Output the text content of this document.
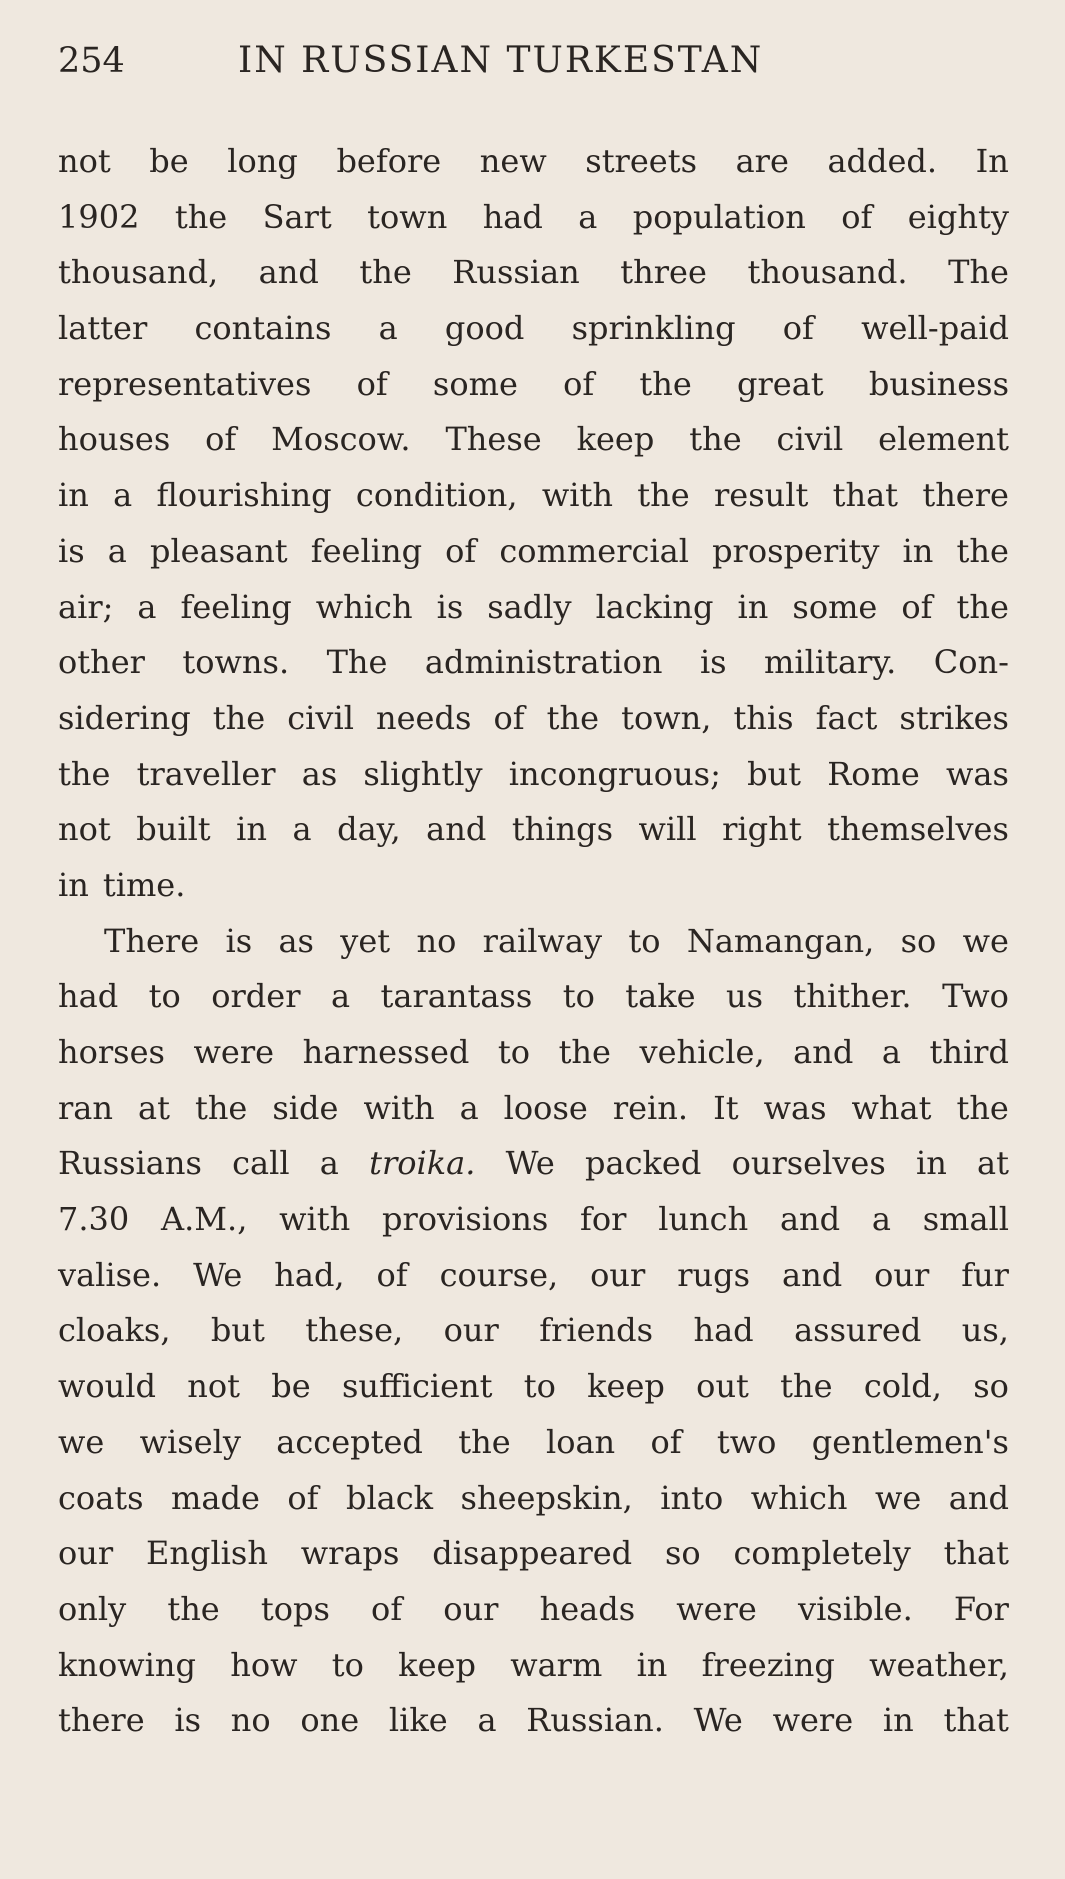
254	IN RUSSIAN TURKESTAN
not be long before new streets are added. In
1902 the Sart town had a population of eighty
thousand, and the Russian three thousand. The
latter contains a good sprinkling of well-paid
representatives of some of the great business
houses of Moscow. These keep the civil element
in a flourishing condition, with the result that there
is a pleasant feeling of commercial prosperity in the
air; a feeling which is sadly lacking in some of the
other towns. The administration is military. Con-
sidering the civil needs of the town, this fact strikes
the traveller as slightly incongruous; but Rome was
not built in a day, and things will right themselves
in time.
There is as yet no railway to Namangan, so we
had to order a tarantass to take us thither. Two
horses were harnessed to the vehicle, and a third
ran at the side with a loose rein. It was what the
Russians call a troika. We packed ourselves in at
7.30 A.M., with provisions for lunch and a small
valise. We had, of course, our rugs and our fur
cloaks, but these, our friends had assured us,
would not be sufficient to keep out the cold, so
we wisely accepted the loan of two gentlemen's
coats made of black sheepskin, into which we and
our English wraps disappeared so completely that
only the tops of our heads were visible. For
knowing how to keep warm in freezing weather,
there is no one like a Russian. We were in that
